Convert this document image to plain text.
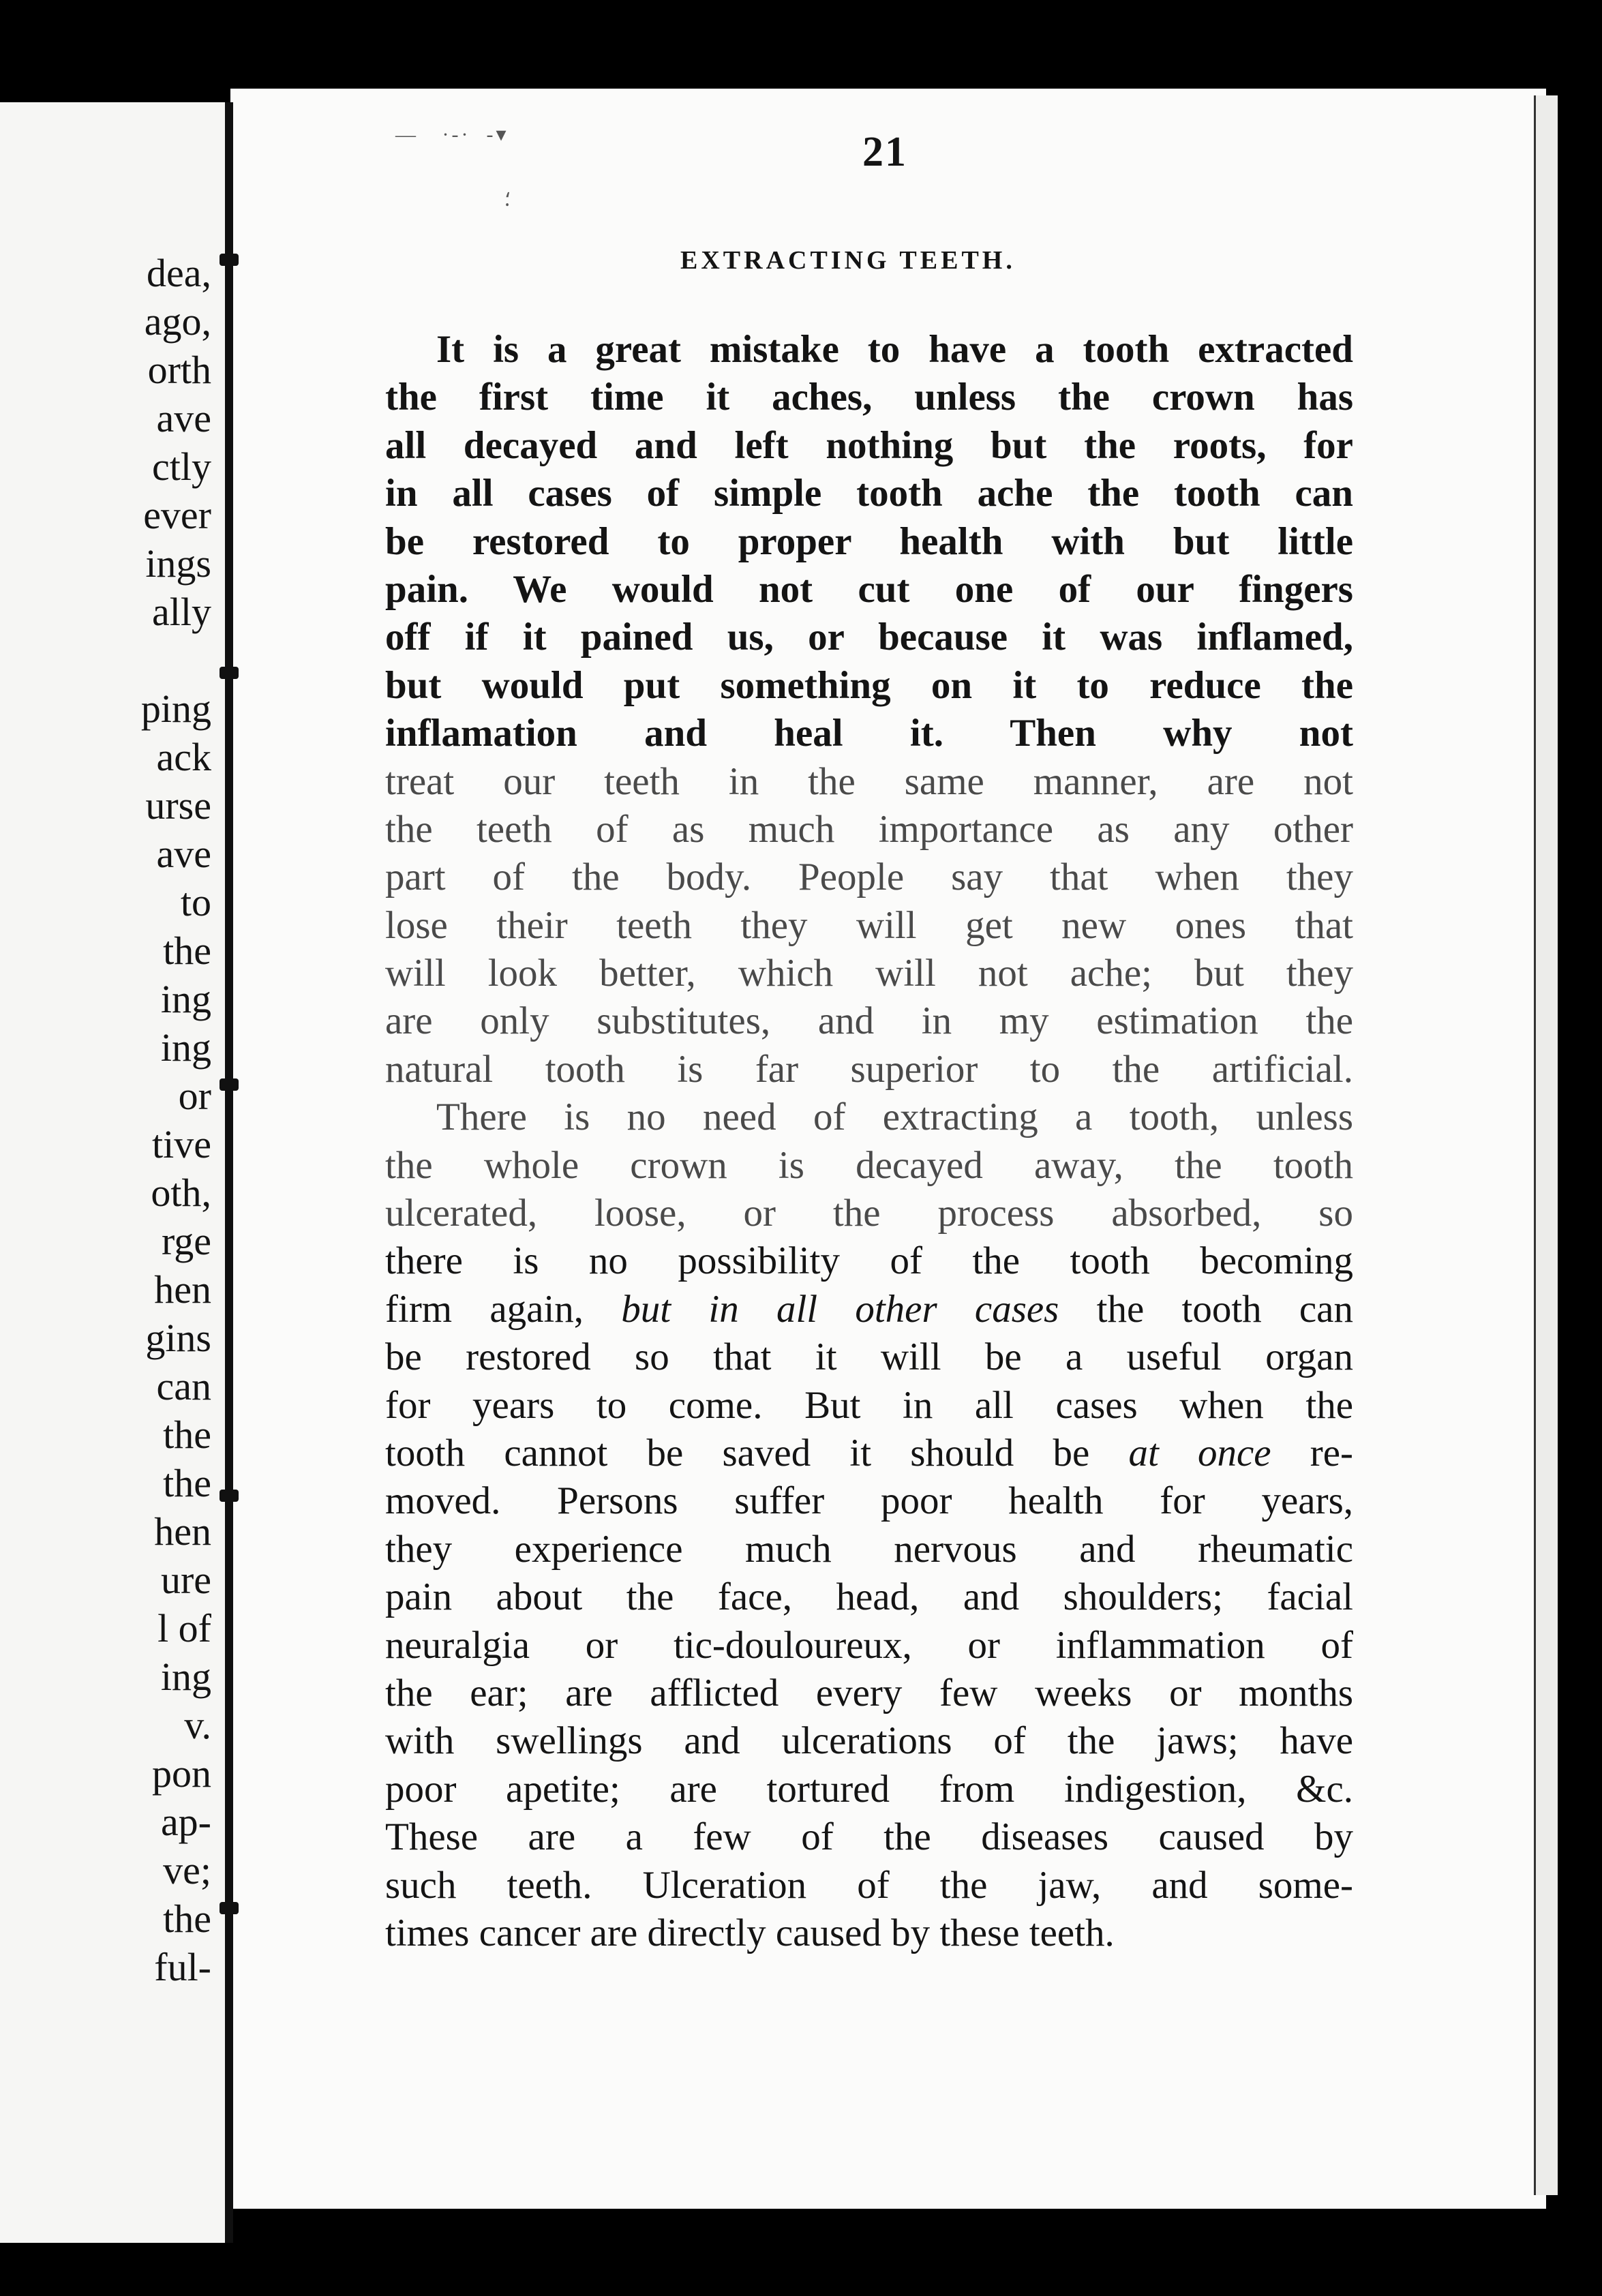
dea,
ago,
orth
ave
ctly
ever
ings
ally
ping
ack
urse
ave
to
the
ing
ing
or
tive
oth,
rge
hen
gins
can
the
the
hen
ure
l of
ing
v.
pon
ap-
ve;
the
ful-
—   ·-·  -▾
⸵
21
EXTRACTING TEETH.
It is a great mistake to have a tooth extracted
the first time it aches, unless the crown has
all decayed and left nothing but the roots, for
in all cases of simple tooth ache the tooth can
be restored to proper health with but little
pain. We would not cut one of our fingers
off if it pained us, or because it was inflamed,
but would put something on it to reduce the
inflamation and heal it. Then why not
treat our teeth in the same manner, are not
the teeth of as much importance as any other
part of the body. People say that when they
lose their teeth they will get new ones that
will look better, which will not ache; but they
are only substitutes, and in my estimation the
natural tooth is far superior to the artificial.
There is no need of extracting a tooth, unless
the whole crown is decayed away, the tooth
ulcerated, loose, or the process absorbed, so
there is no possibility of the tooth becoming
firm again, but in all other cases the tooth can
be restored so that it will be a useful organ
for years to come. But in all cases when the
tooth cannot be saved it should be at once re-
moved. Persons suffer poor health for years,
they experience much nervous and rheumatic
pain about the face, head, and shoulders; facial
neuralgia or tic-douloureux, or inflammation of
the ear; are afflicted every few weeks or months
with swellings and ulcerations of the jaws; have
poor apetite; are tortured from indigestion, &c.
These are a few of the diseases caused by
such teeth. Ulceration of the jaw, and some-
times cancer are directly caused by these teeth.
